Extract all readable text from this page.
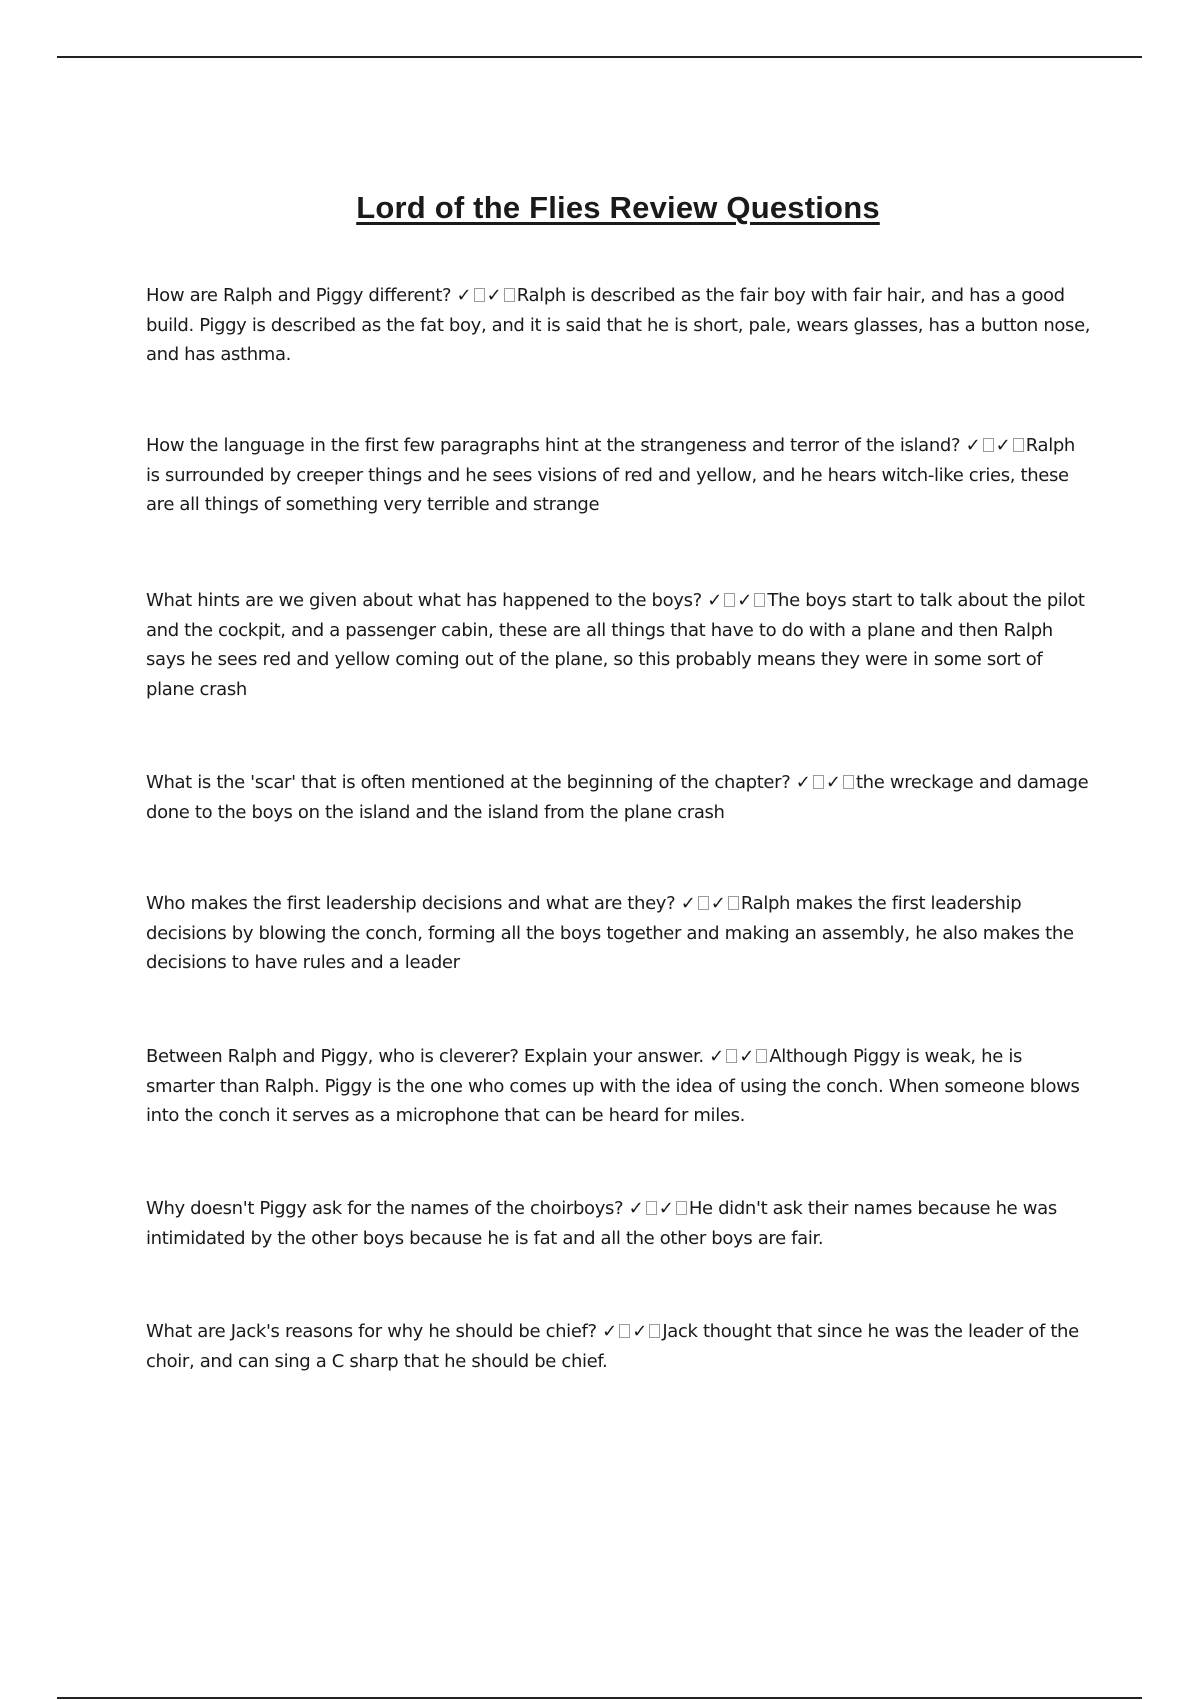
Lord of the Flies Review Questions

How are Ralph and Piggy different? ✓ ✓ Ralph is described as the fair boy with fair hair, and has a good build. Piggy is described as the fat boy, and it is said that he is short, pale, wears glasses, has a button nose, and has asthma.

How the language in the first few paragraphs hint at the strangeness and terror of the island? ✓ ✓ Ralph is surrounded by creeper things and he sees visions of red and yellow, and he hears witch-like cries, these are all things of something very terrible and strange

What hints are we given about what has happened to the boys? ✓ ✓ The boys start to talk about the pilot and the cockpit, and a passenger cabin, these are all things that have to do with a plane and then Ralph says he sees red and yellow coming out of the plane, so this probably means they were in some sort of plane crash

What is the 'scar' that is often mentioned at the beginning of the chapter? ✓ ✓ the wreckage and damage done to the boys on the island and the island from the plane crash

Who makes the first leadership decisions and what are they? ✓ ✓ Ralph makes the first leadership decisions by blowing the conch, forming all the boys together and making an assembly, he also makes the decisions to have rules and a leader

Between Ralph and Piggy, who is cleverer? Explain your answer. ✓ ✓ Although Piggy is weak, he is smarter than Ralph. Piggy is the one who comes up with the idea of using the conch. When someone blows into the conch it serves as a microphone that can be heard for miles.

Why doesn't Piggy ask for the names of the choirboys? ✓ ✓ He didn't ask their names because he was intimidated by the other boys because he is fat and all the other boys are fair.

What are Jack's reasons for why he should be chief? ✓ ✓ Jack thought that since he was the leader of the choir, and can sing a C sharp that he should be chief.
